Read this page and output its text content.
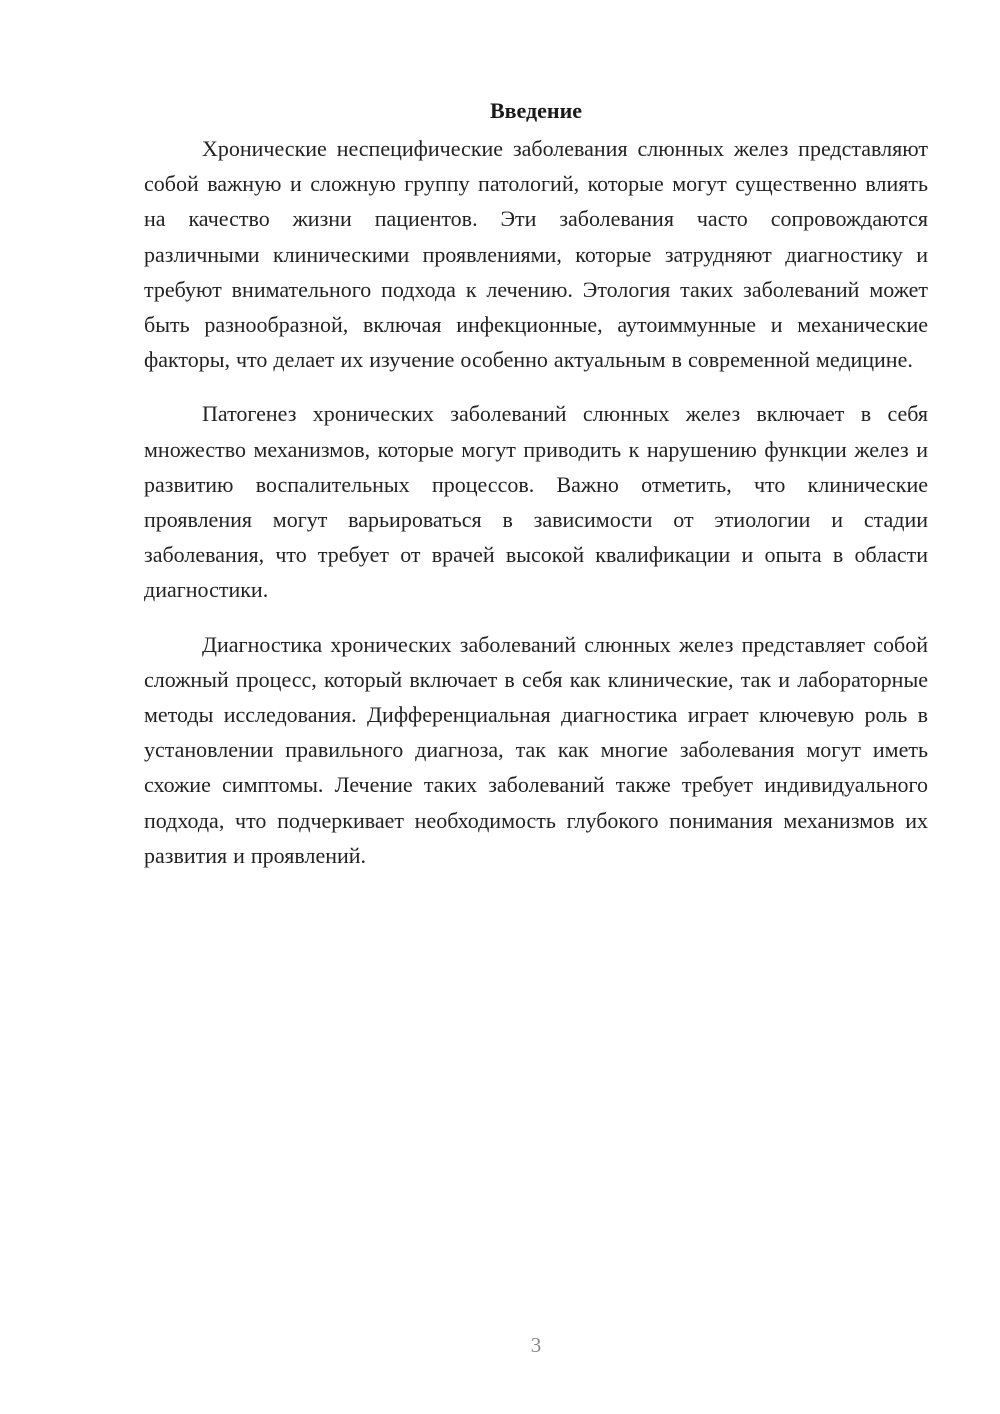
Введение

Хронические неспецифические заболевания слюнных желез представляют собой важную и сложную группу патологий, которые могут существенно влиять на качество жизни пациентов. Эти заболевания часто сопровождаются различными клиническими проявлениями, которые затрудняют диагностику и требуют внимательного подхода к лечению. Этология таких заболеваний может быть разнообразной, включая инфекционные, аутоиммунные и механические факторы, что делает их изучение особенно актуальным в современной медицине.

Патогенез хронических заболеваний слюнных желез включает в себя множество механизмов, которые могут приводить к нарушению функции желез и развитию воспалительных процессов. Важно отметить, что клинические проявления могут варьироваться в зависимости от этиологии и стадии заболевания, что требует от врачей высокой квалификации и опыта в области диагностики.

Диагностика хронических заболеваний слюнных желез представляет собой сложный процесс, который включает в себя как клинические, так и лабораторные методы исследования. Дифференциальная диагностика играет ключевую роль в установлении правильного диагноза, так как многие заболевания могут иметь схожие симптомы. Лечение таких заболеваний также требует индивидуального подхода, что подчеркивает необходимость глубокого понимания механизмов их развития и проявлений.

3
